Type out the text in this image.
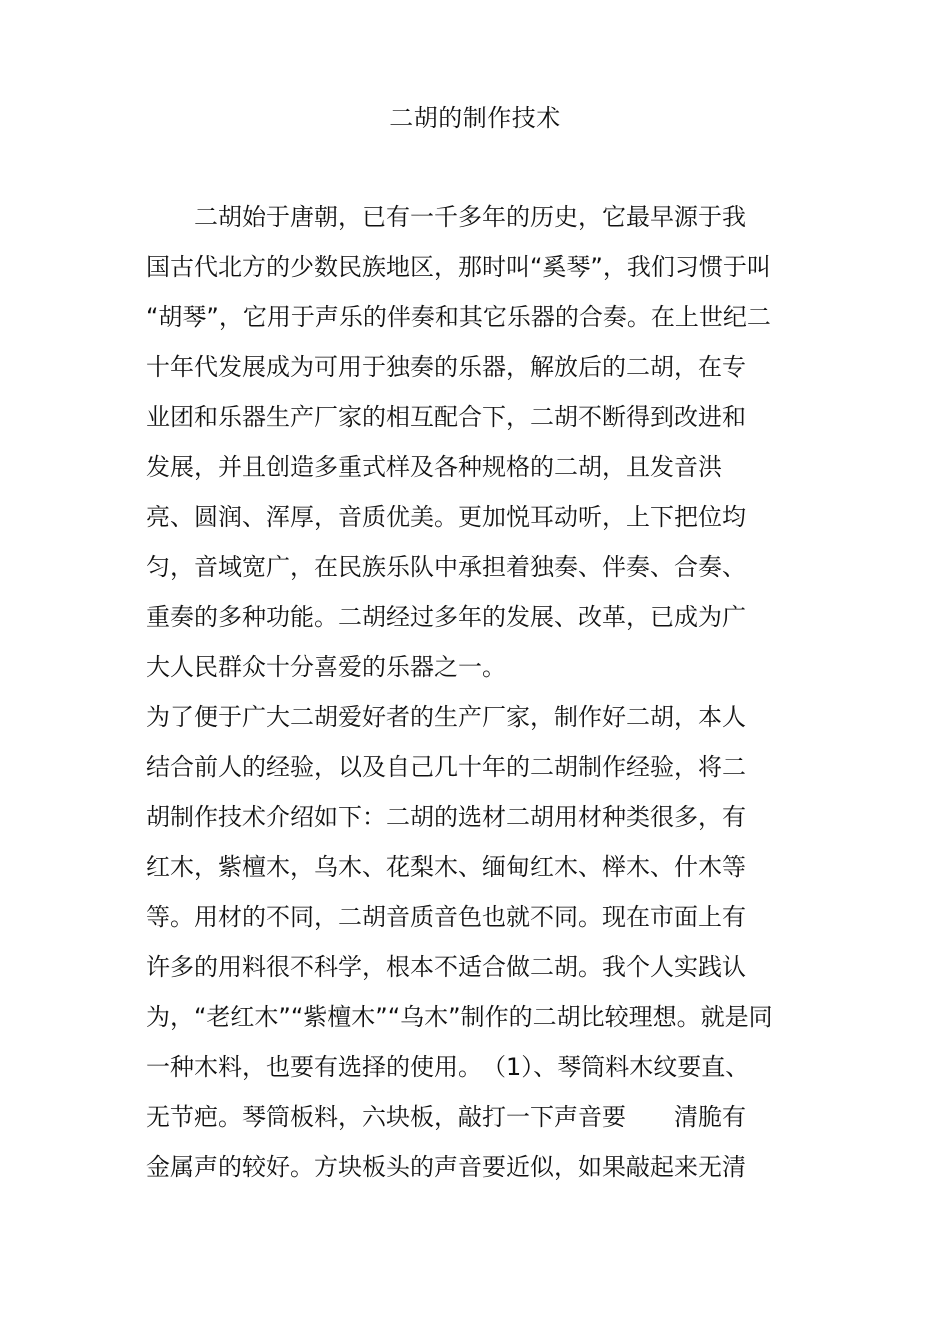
二胡的制作技术
　　二胡始于唐朝，已有一千多年的历史，它最早源于我
国古代北方的少数民族地区，那时叫“奚琴”，我们习惯于叫
“胡琴”，它用于声乐的伴奏和其它乐器的合奏。在上世纪二
十年代发展成为可用于独奏的乐器，解放后的二胡，在专
业团和乐器生产厂家的相互配合下，二胡不断得到改进和
发展，并且创造多重式样及各种规格的二胡，且发音洪
亮、圆润、浑厚，音质优美。更加悦耳动听，上下把位均
匀，音域宽广，在民族乐队中承担着独奏、伴奏、合奏、
重奏的多种功能。二胡经过多年的发展、改革，已成为广
大人民群众十分喜爱的乐器之一。
为了便于广大二胡爱好者的生产厂家，制作好二胡，本人
结合前人的经验，以及自己几十年的二胡制作经验，将二
胡制作技术介绍如下：二胡的选材二胡用材种类很多，有
红木，紫檀木，乌木、花梨木、缅甸红木、榉木、什木等
等。用材的不同，二胡音质音色也就不同。现在市面上有
许多的用料很不科学，根本不适合做二胡。我个人实践认
为，“老红木”“紫檀木”“乌木”制作的二胡比较理想。就是同
一种木料，也要有选择的使用。　（1）、琴筒料木纹要直、
无节疤。琴筒板料，六块板，敲打一下声音要　　清脆有
金属声的较好。方块板头的声音要近似，如果敲起来无清
